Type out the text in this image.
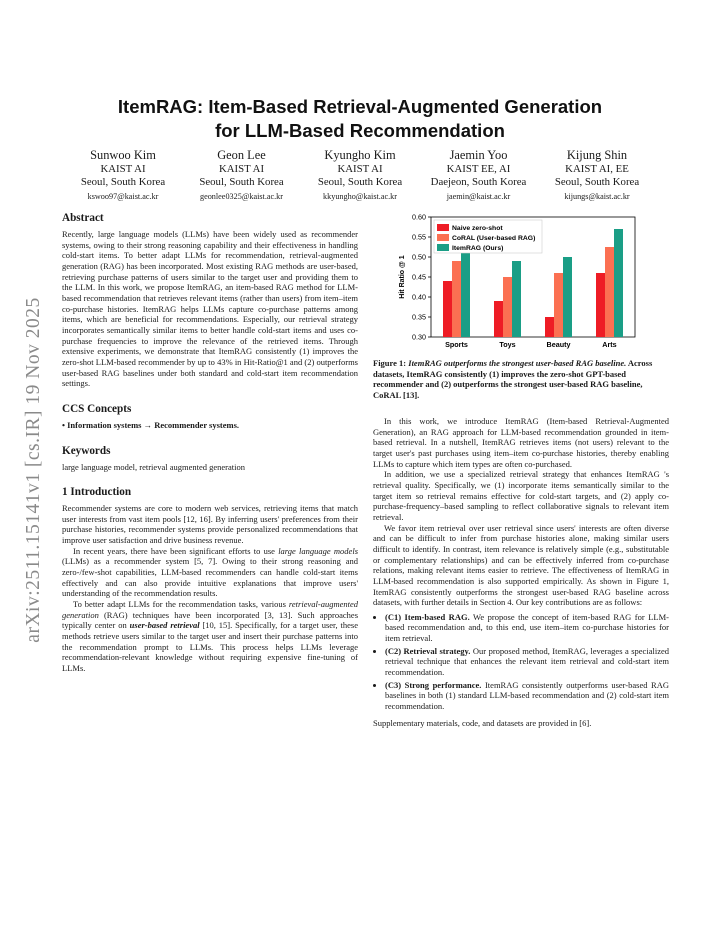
arXiv:2511.15141v1 [cs.IR] 19 Nov 2025
ItemRAG: Item-Based Retrieval-Augmented Generation
for LLM-Based Recommendation
Sunwoo Kim
KAIST AI
Seoul, South Korea
kswoo97@kaist.ac.kr
Geon Lee
KAIST AI
Seoul, South Korea
geonlee0325@kaist.ac.kr
Kyungho Kim
KAIST AI
Seoul, South Korea
kkyungho@kaist.ac.kr
Jaemin Yoo
KAIST EE, AI
Daejeon, South Korea
jaemin@kaist.ac.kr
Kijung Shin
KAIST AI, EE
Seoul, South Korea
kijungs@kaist.ac.kr
Abstract

Recently, large language models (LLMs) have been widely used as recommender systems, owing to their strong reasoning capability and their effectiveness in handling cold-start items. To better adapt LLMs for recommendation, retrieval-augmented generation (RAG) has been incorporated. Most existing RAG methods are user-based, retrieving purchase patterns of users similar to the target user and providing them to the LLM. In this work, we propose ItemRAG, an item-based RAG method for LLM-based recommendation that retrieves relevant items (rather than users) from item–item co-purchase histories. ItemRAG helps LLMs capture co-purchase patterns among items, which are beneficial for recommendations. Especially, our retrieval strategy incorporates semantically similar items to better handle cold-start items and uses co-purchase frequencies to improve the relevance of the retrieved items. Through extensive experiments, we demonstrate that ItemRAG consistently (1) improves the zero-shot LLM-based recommender by up to 43% in Hit-Ratio@1 and (2) outperforms user-based RAG baselines under both standard and cold-start item recommendation settings.

CCS Concepts

• Information systems → Recommender systems.

Keywords

large language model, retrieval augmented generation

1 Introduction

Recommender systems are core to modern web services, retrieving items that match user interests from vast item pools [12, 16]. By inferring users' preferences from their purchase histories, recommender systems provide personalized recommendations that improve user satisfaction and drive business revenue.

In recent years, there have been significant efforts to use large language models (LLMs) as a recommender system [5, 7]. Owing to their strong reasoning and zero-/few-shot capabilities, LLM-based recommenders can handle cold-start items effectively and can also provide intuitive explanations that improve users' understanding of the recommendation results.

To better adapt LLMs for the recommendation tasks, various retrieval-augmented generation (RAG) techniques have been incorporated [3, 13]. Such approaches typically center on user-based retrieval [10, 15]. Specifically, for a target user, these methods retrieve users similar to the target user and insert their purchase patterns into the recommendation prompt to LLMs. This process helps LLMs leverage recommendation-relevant knowledge without requiring expensive fine-tuning of LLMs.

0.30
0.35
0.40
0.45
0.50
0.55
0.60
Hit Ratio @ 1
Sports	Toys	Beauty	Arts
Naive zero-shot
CoRAL (User-based RAG)
ItemRAG (Ours)
Figure 1: ItemRAG outperforms the strongest user-based RAG baseline. Across datasets, ItemRAG consistently (1) improves the zero-shot GPT-based recommender and (2) outperforms the strongest user-based RAG baseline, CoRAL [13].

In this work, we introduce ItemRAG (Item-based Retrieval-Augmented Generation), an RAG approach for LLM-based recommendation grounded in item-based retrieval. In a nutshell, ItemRAG retrieves items (not users) relevant to the target user's past purchases using item–item co-purchase histories, thereby enabling LLMs to capture which item types are often co-purchased.

In addition, we use a specialized retrieval strategy that enhances ItemRAG 's retrieval quality. Specifically, we (1) incorporate items semantically similar to the target item so retrieval remains effective for cold-start targets, and (2) apply co-purchase-frequency–based sampling to reflect collaborative signals to relevant item retrieval.

We favor item retrieval over user retrieval since users' interests are often diverse and can be difficult to infer from purchase histories alone, making similar users difficult to identify. In contrast, item relevance is relatively simple (e.g., substitutable or complementary relationships) and can be effectively inferred from co-purchase relations, making relevant items easier to retrieve. The effectiveness of ItemRAG in LLM-based recommendation is also supported empirically. As shown in Figure 1, ItemRAG consistently outperforms the strongest user-based RAG baseline across datasets, with further details in Section 4. Our key contributions are as follows:

• (C1) Item-based RAG. We propose the concept of item-based RAG for LLM-based recommendation and, to this end, use item–item co-purchase histories for item retrieval.
• (C2) Retrieval strategy. Our proposed method, ItemRAG, leverages a specialized retrieval technique that enhances the relevant item retrieval and cold-start item recommendation.
• (C3) Strong performance. ItemRAG consistently outperforms user-based RAG baselines in both (1) standard LLM-based recommendation and (2) cold-start item recommendation.

Supplementary materials, code, and datasets are provided in [6].
